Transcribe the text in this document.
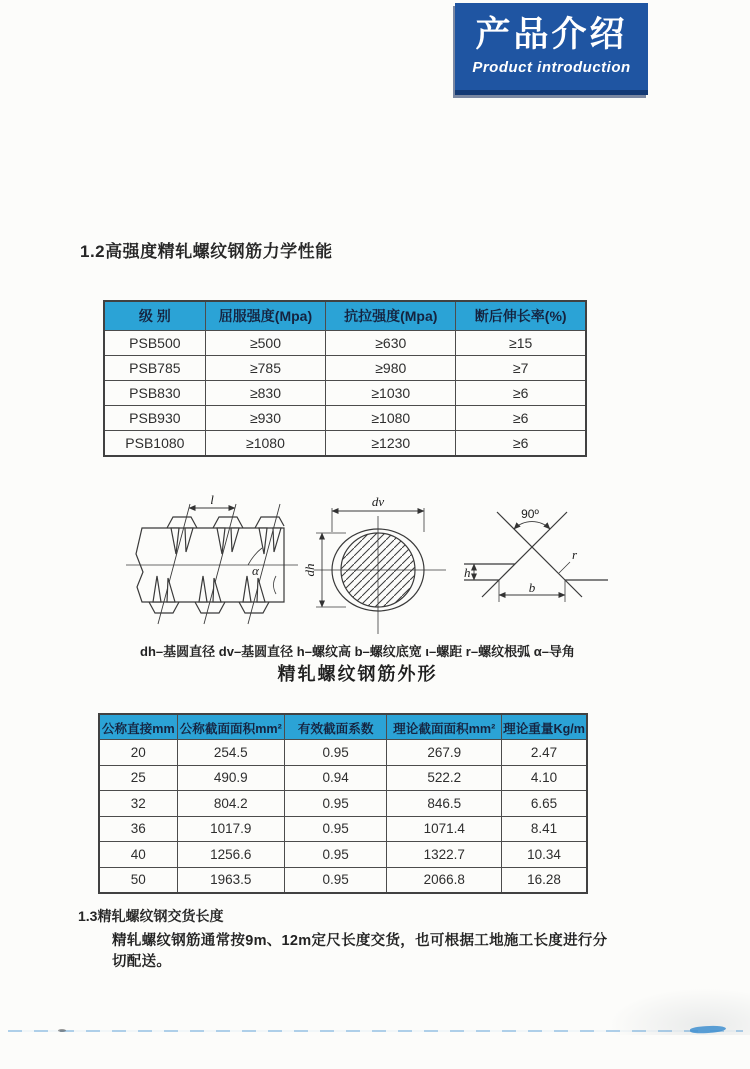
产品介绍
Product introduction
1.2高强度精轧螺纹钢筋力学性能
级 别	屈服强度(Mpa)	抗拉强度(Mpa)	断后伸长率(%)
PSB500	≥500	≥630	≥15
PSB785	≥785	≥980	≥7
PSB830	≥830	≥1030	≥6
PSB930	≥930	≥1080	≥6
PSB1080	≥1080	≥1230	≥6
l
α
dv
dh
90º
h
b
r
dh–基圆直径 dv–基圆直径 h–螺纹高 b–螺纹底宽 ι–螺距 r–螺纹根弧 α–导角
精轧螺纹钢筋外形
公称直接mm	公称截面面积mm²	有效截面系数	理论截面面积mm²	理论重量Kg/m
20	254.5	0.95	267.9	2.47
25	490.9	0.94	522.2	4.10
32	804.2	0.95	846.5	6.65
36	1017.9	0.95	1071.4	8.41
40	1256.6	0.95	1322.7	10.34
50	1963.5	0.95	2066.8	16.28
1.3精轧螺纹钢交货长度
精轧螺纹钢筋通常按9m、12m定尺长度交货，也可根据工地施工长度进行分切配送。
